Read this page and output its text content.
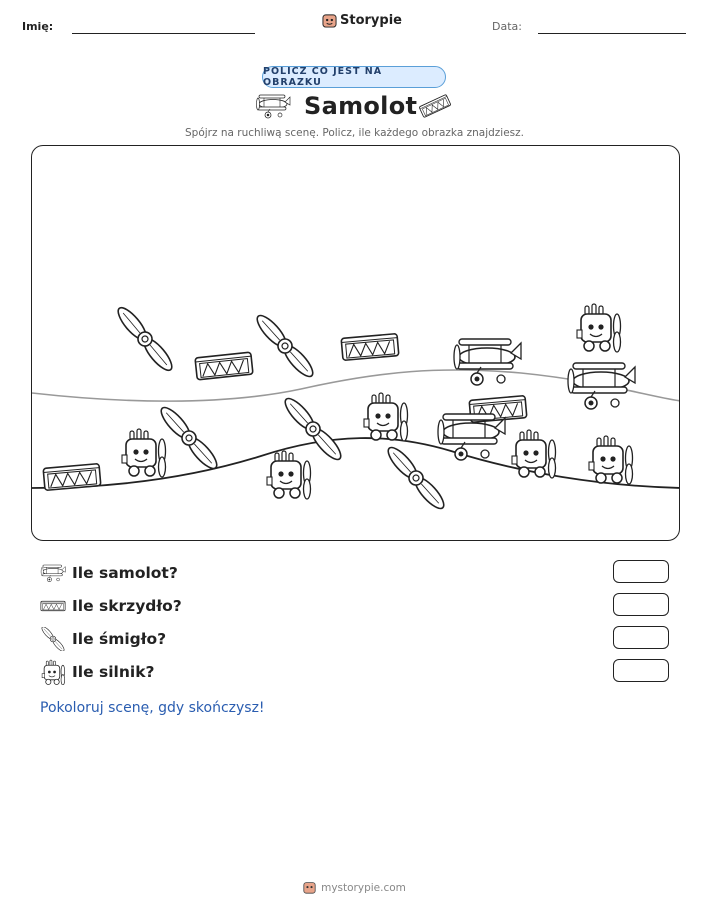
Imię:	Storypie	Data:
POLICZ CO JEST NA OBRAZKU
Samolot
Spójrz na ruchliwą scenę. Policz, ile każdego obrazka znajdziesz.
Ile samolot?
Ile skrzydło?
Ile śmigło?
Ile silnik?
Pokoloruj scenę, gdy skończysz!
mystorypie.com
